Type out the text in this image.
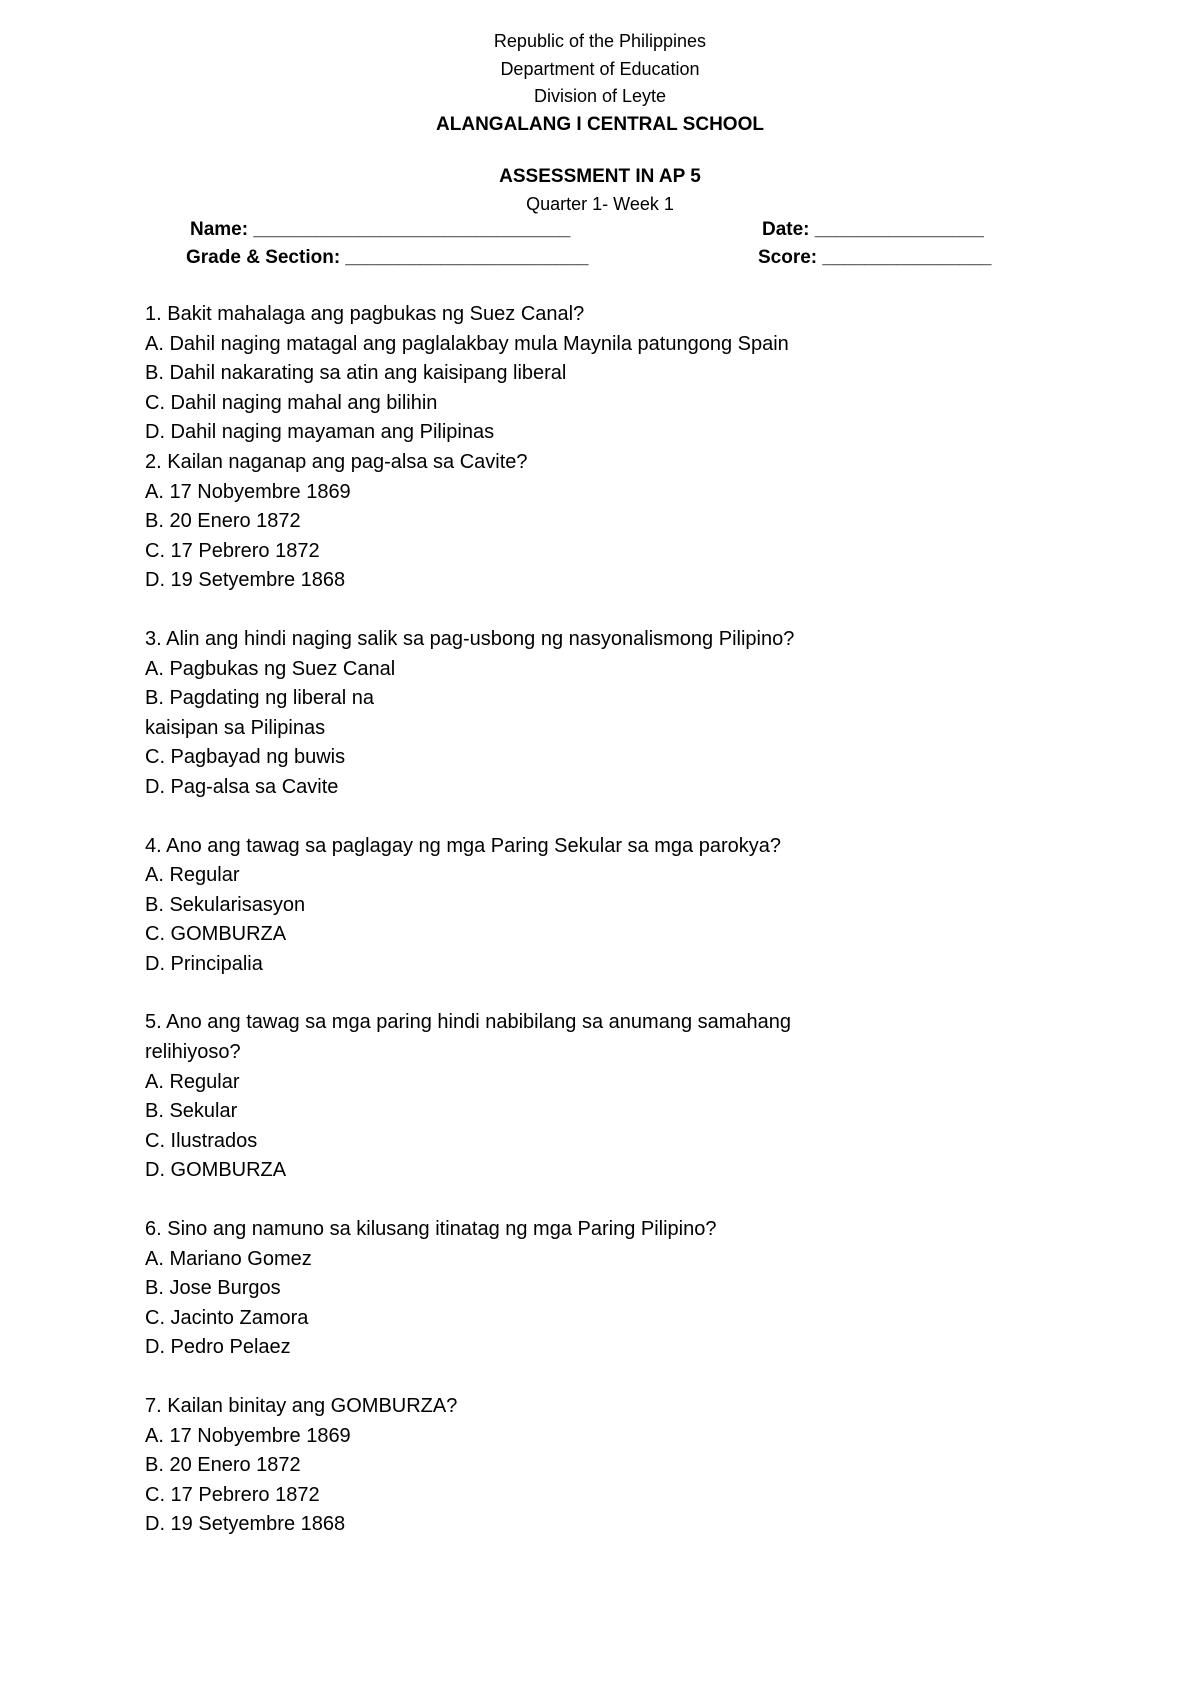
Republic of the Philippines
Department of Education
Division of Leyte
ALANGALANG I CENTRAL SCHOOL
ASSESSMENT IN AP 5
Quarter 1- Week 1
Name: ______________________________	Date: ________________
Grade & Section: _______________________	Score: ________________
1. Bakit mahalaga ang pagbukas ng Suez Canal?
A. Dahil naging matagal ang paglalakbay mula Maynila patungong Spain
B. Dahil nakarating sa atin ang kaisipang liberal
C. Dahil naging mahal ang bilihin
D. Dahil naging mayaman ang Pilipinas
2. Kailan naganap ang pag-alsa sa Cavite?
A. 17 Nobyembre 1869
B. 20 Enero 1872
C. 17 Pebrero 1872
D. 19 Setyembre 1868
3. Alin ang hindi naging salik sa pag-usbong ng nasyonalismong Pilipino?
A. Pagbukas ng Suez Canal
B. Pagdating ng liberal na
kaisipan sa Pilipinas
C. Pagbayad ng buwis
D. Pag-alsa sa Cavite
4. Ano ang tawag sa paglagay ng mga Paring Sekular sa mga parokya?
A. Regular
B. Sekularisasyon
C. GOMBURZA
D. Principalia
5. Ano ang tawag sa mga paring hindi nabibilang sa anumang samahang
relihiyoso?
A. Regular
B. Sekular
C. Ilustrados
D. GOMBURZA
6. Sino ang namuno sa kilusang itinatag ng mga Paring Pilipino?
A. Mariano Gomez
B. Jose Burgos
C. Jacinto Zamora
D. Pedro Pelaez
7. Kailan binitay ang GOMBURZA?
A. 17 Nobyembre 1869
B. 20 Enero 1872
C. 17 Pebrero 1872
D. 19 Setyembre 1868
